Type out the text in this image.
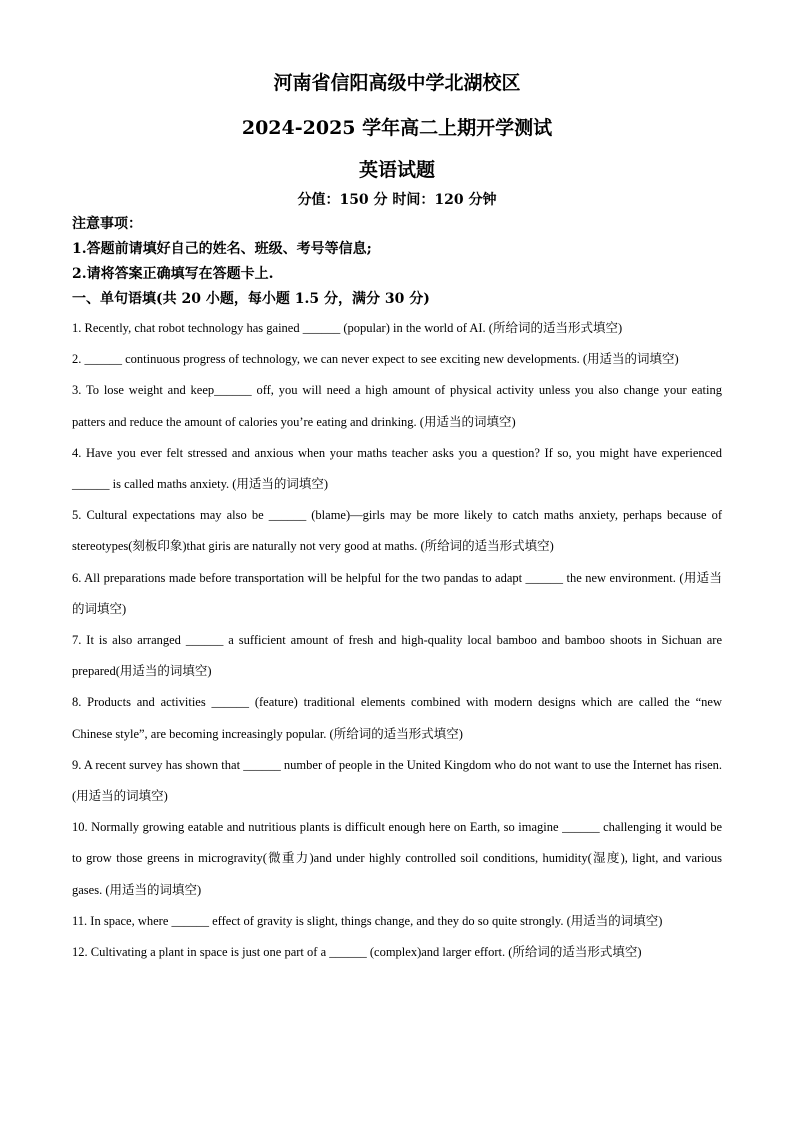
河南省信阳高级中学北湖校区
2024-2025 学年高二上期开学测试
英语试题
分值：150 分 时间：120 分钟
注意事项：
1.答题前请填好自己的姓名、班级、考号等信息;
2.请将答案正确填写在答题卡上.
一、单句语填(共 20 小题，每小题 1.5 分，满分 30 分)

1. Recently, chat robot technology has gained ______ (popular) in the world of AI. (所给词的适当形式填空)

2. ______ continuous progress of technology, we can never expect to see exciting new developments. (用适当的词填空)

3. To lose weight and keep______ off, you will need a high amount of physical activity unless you also change your eating patters and reduce the amount of calories you’re eating and drinking. (用适当的词填空)

4. Have you ever felt stressed and anxious when your maths teacher asks you a question? If so, you might have experienced ______ is called maths anxiety. (用适当的词填空)

5. Cultural expectations may also be ______ (blame)—girls may be more likely to catch maths anxiety, perhaps because of stereotypes(刻板印象)that giris are naturally not very good at maths. (所给词的适当形式填空)

6. All preparations made before transportation will be helpful for the two pandas to adapt ______ the new environment. (用适当的词填空)

7. It is also arranged ______ a sufficient amount of fresh and high-quality local bamboo and bamboo shoots in Sichuan are prepared(用适当的词填空)

8. Products and activities ______ (feature) traditional elements combined with modern designs which are called the “new Chinese style”, are becoming increasingly popular. (所给词的适当形式填空)

9. A recent survey has shown that ______ number of people in the United Kingdom who do not want to use the Internet has risen. (用适当的词填空)

10. Normally growing eatable and nutritious plants is difficult enough here on Earth, so imagine ______ challenging it would be to grow those greens in microgravity(微重力)and under highly controlled soil conditions, humidity(湿度), light, and various gases. (用适当的词填空)

11. In space, where ______ effect of gravity is slight, things change, and they do so quite strongly. (用适当的词填空)

12. Cultivating a plant in space is just one part of a ______ (complex)and larger effort. (所给词的适当形式填空)
